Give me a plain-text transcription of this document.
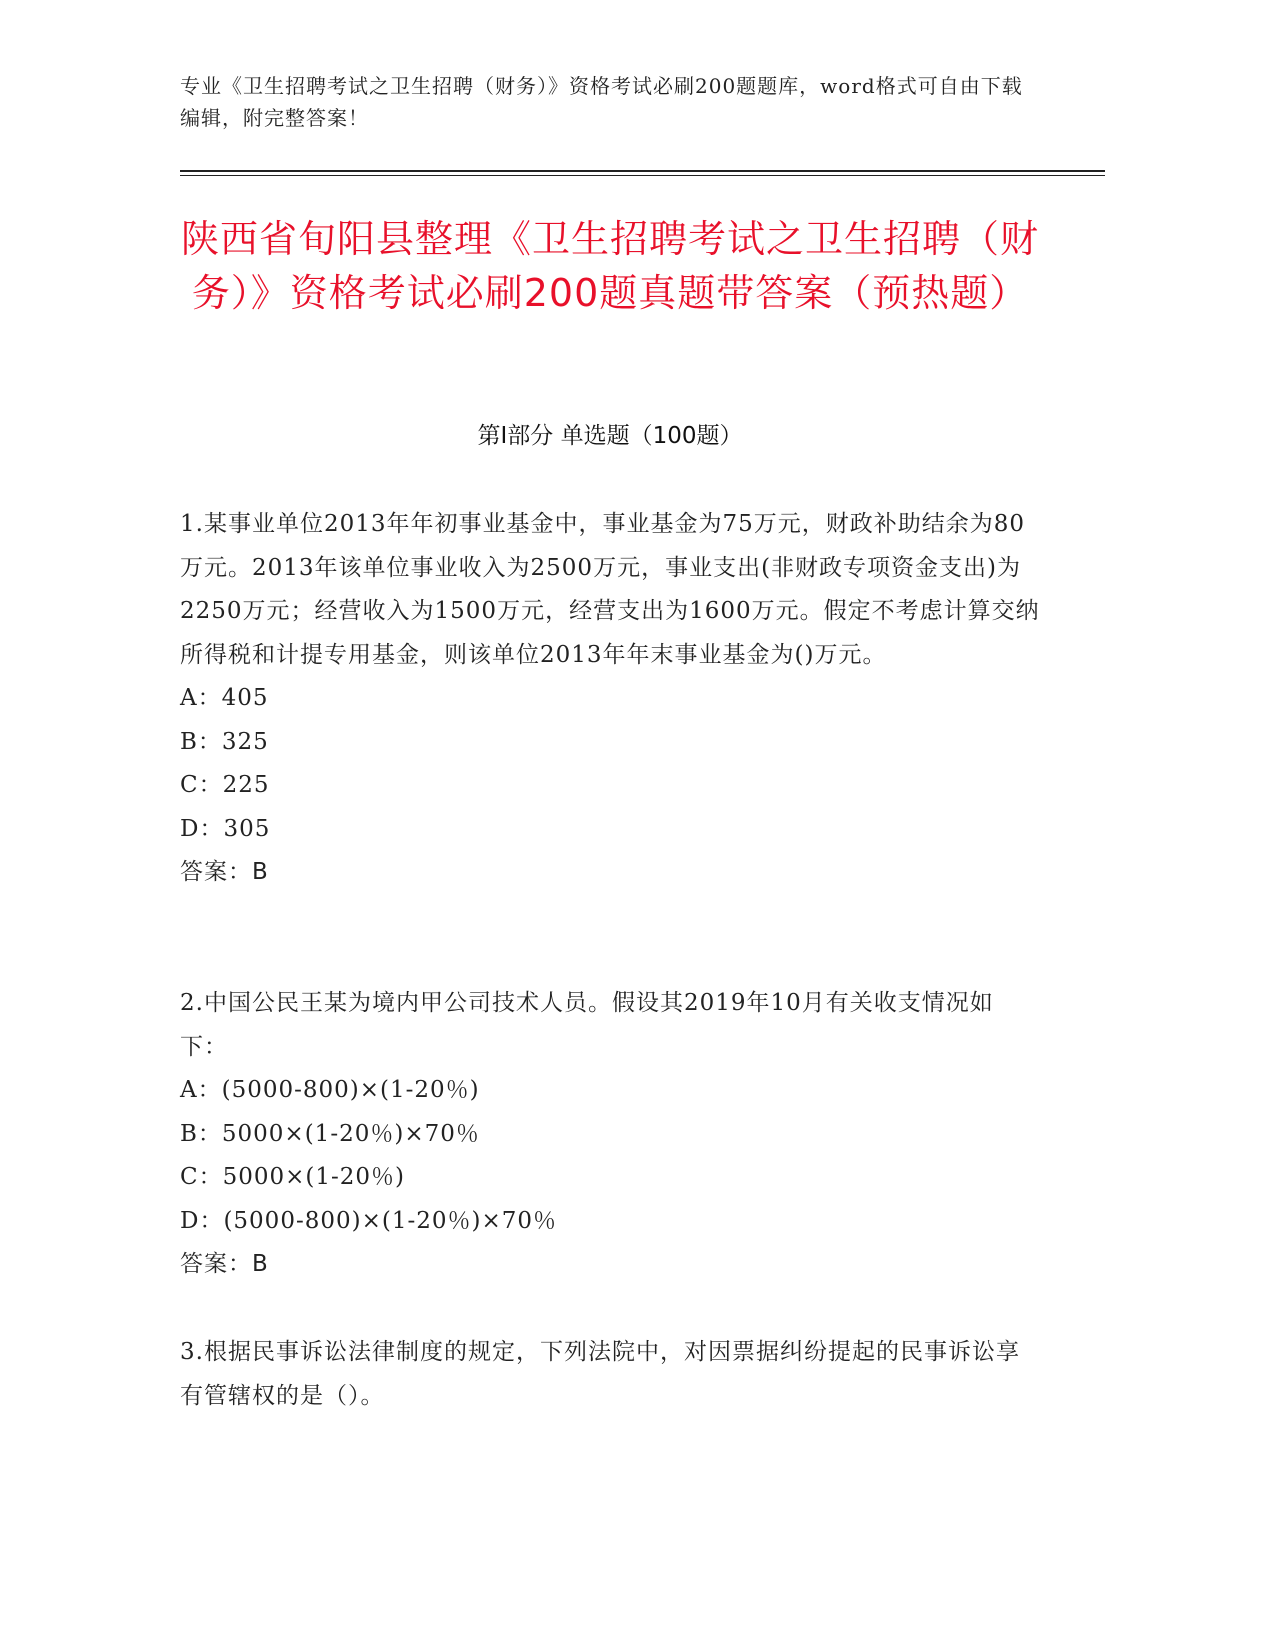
专业《卫生招聘考试之卫生招聘（财务）》资格考试必刷200题题库，word格式可自由下载编辑，附完整答案！
陕西省旬阳县整理《卫生招聘考试之卫生招聘（财务）》资格考试必刷200题真题带答案（预热题）
第I部分 单选题（100题）

1.某事业单位2013年年初事业基金中，事业基金为75万元，财政补助结余为80万元。2013年该单位事业收入为2500万元，事业支出(非财政专项资金支出)为2250万元；经营收入为1500万元，经营支出为1600万元。假定不考虑计算交纳所得税和计提专用基金，则该单位2013年年末事业基金为()万元。

A：405

B：325

C：225

D：305

答案：B

2.中国公民王某为境内甲公司技术人员。假设其2019年10月有关收支情况如下：

A：(5000-800)×(1-20％)

B：5000×(1-20％)×70％

C：5000×(1-20％)

D：(5000-800)×(1-20％)×70％

答案：B

3.根据民事诉讼法律制度的规定，下列法院中，对因票据纠纷提起的民事诉讼享有管辖权的是（）。
